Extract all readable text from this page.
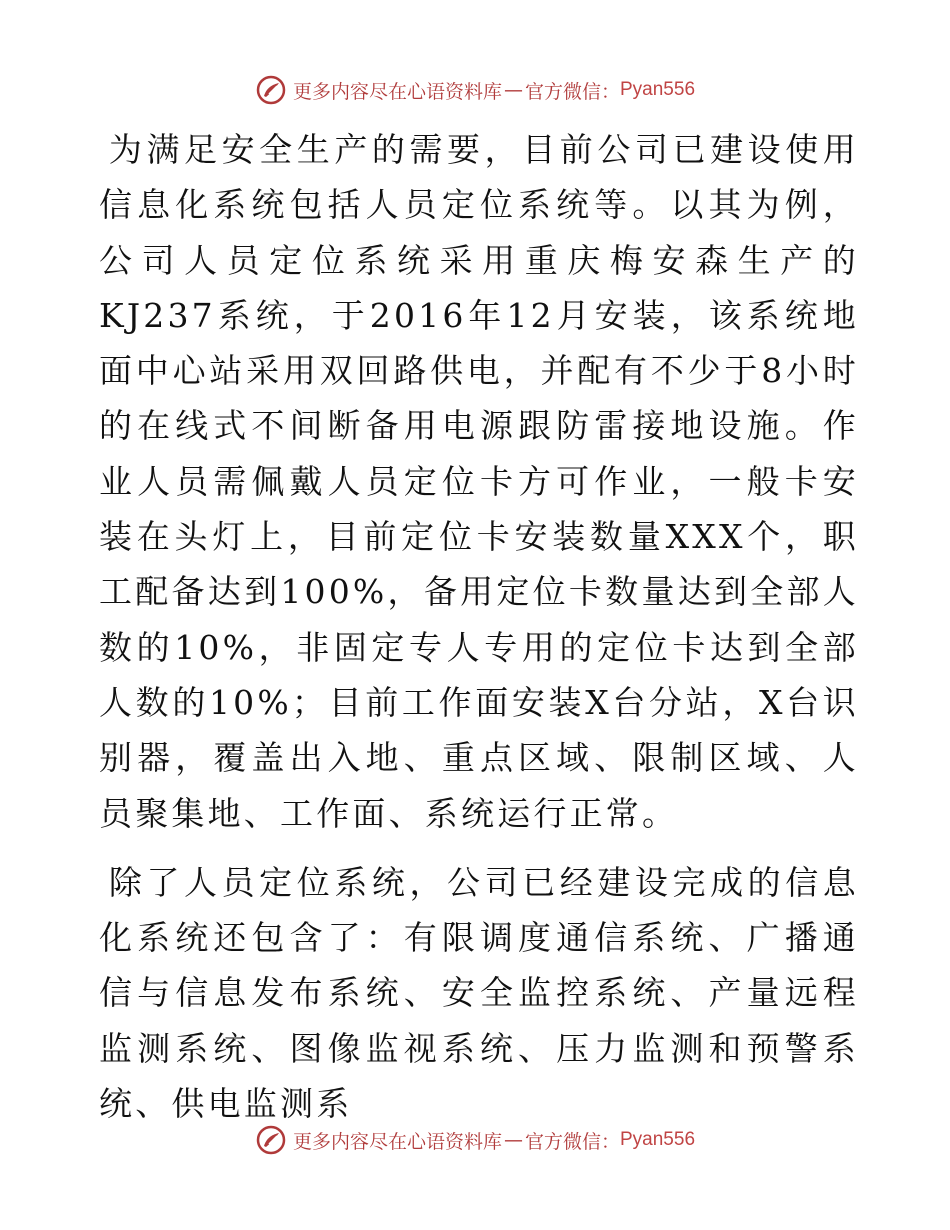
更多内容尽在心语资料库 — 官方微信： Pyan556

为满足安全生产的需要，目前公司已建设使用信息化系统包括人员定位系统等。以其为例，公司人员定位系统采用重庆梅安森生产的KJ237系统，于2016年12月安装，该系统地面中心站采用双回路供电，并配有不少于8小时的在线式不间断备用电源跟防雷接地设施。作业人员需佩戴人员定位卡方可作业，一般卡安装在头灯上，目前定位卡安装数量XXX个，职工配备达到100%，备用定位卡数量达到全部人数的10%，非固定专人专用的定位卡达到全部人数的10%；目前工作面安装X台分站，X台识别器，覆盖出入地、重点区域、限制区域、人员聚集地、工作面、系统运行正常。

除了人员定位系统，公司已经建设完成的信息化系统还包含了：有限调度通信系统、广播通信与信息发布系统、安全监控系统、产量远程监测系统、图像监视系统、压力监测和预警系统、供电监测系

更多内容尽在心语资料库 — 官方微信： Pyan556
